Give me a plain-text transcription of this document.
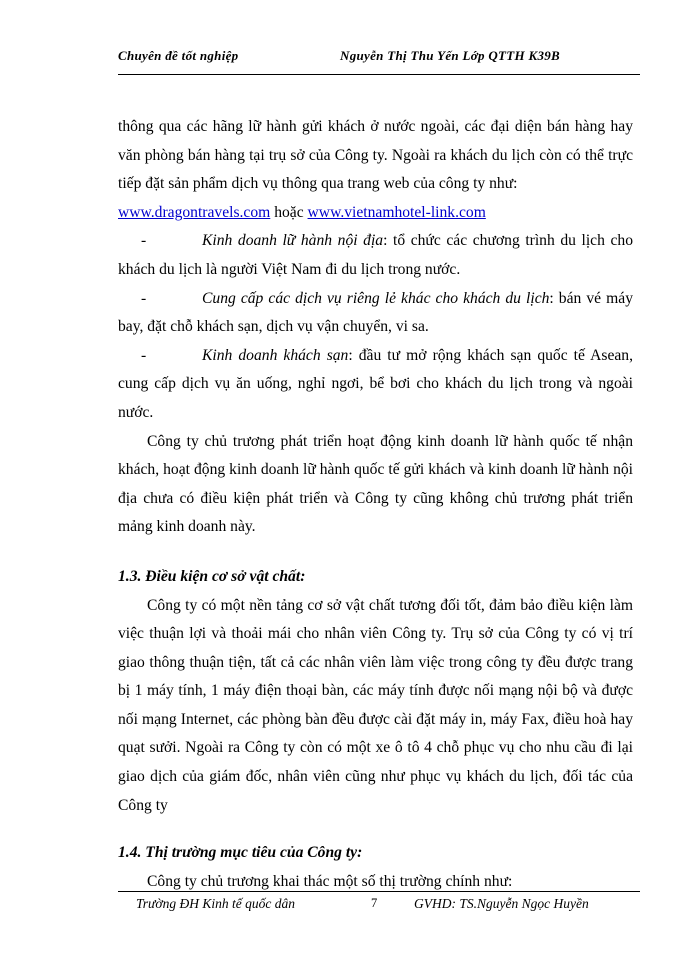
Chuyên đề tốt nghiệp	Nguyễn Thị Thu Yến Lớp QTTH K39B

thông qua các hãng lữ hành gửi khách ở nước ngoài, các đại diện bán hàng hay văn phòng bán hàng tại trụ sở của Công ty. Ngoài ra khách du lịch còn có thể trực tiếp đặt sản phẩm dịch vụ thông qua trang web của công ty như:
www.dragontravels.com hoặc www.vietnamhotel-link.com

-	Kinh doanh lữ hành nội địa: tổ chức các chương trình du lịch cho khách du lịch là người Việt Nam đi du lịch trong nước.

-	Cung cấp các dịch vụ riêng lẻ khác cho khách du lịch: bán vé máy bay, đặt chỗ khách sạn, dịch vụ vận chuyển, vi sa.

-	Kinh doanh khách sạn: đầu tư mở rộng khách sạn quốc tế Asean, cung cấp dịch vụ ăn uống, nghỉ ngơi, bể bơi cho khách du lịch trong và ngoài nước.

Công ty chủ trương phát triển hoạt động kinh doanh lữ hành quốc tế nhận khách, hoạt động kinh doanh lữ hành quốc tế gửi khách và kinh doanh lữ hành nội địa chưa có điều kiện phát triển và Công ty cũng không chủ trương phát triển mảng kinh doanh này.

1.3. Điều kiện cơ sở vật chất:

Công ty có một nền tảng cơ sở vật chất tương đối tốt, đảm bảo điều kiện làm việc thuận lợi và thoải mái cho nhân viên Công ty. Trụ sở của Công ty có vị trí giao thông thuận tiện, tất cả các nhân viên làm việc trong công ty đều được trang bị 1 máy tính, 1 máy điện thoại bàn, các máy tính được nối mạng nội bộ và được nối mạng Internet, các phòng bàn đều được cài đặt máy in, máy Fax, điều hoà hay quạt sưởi. Ngoài ra Công ty còn có một xe ô tô 4 chỗ phục vụ cho nhu cầu đi lại giao dịch của giám đốc, nhân viên cũng như phục vụ khách du lịch, đối tác của Công ty

1.4. Thị trường mục tiêu của Công ty:

Công ty chủ trương khai thác một số thị trường chính như:

Trường ĐH Kinh tế quốc dân	7	GVHD: TS.Nguyễn Ngọc Huyền
